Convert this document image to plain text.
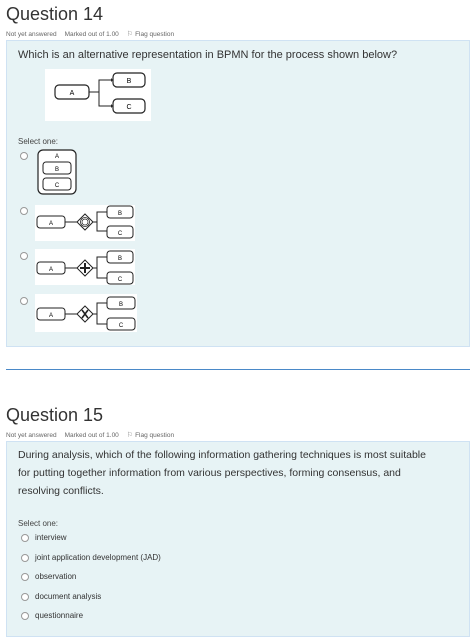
Question 14
Not yet answered Marked out of 1.00 ⚐ Flag question
Which is an alternative representation in BPMN for the process shown below?
A
B
C
Select one:
A
B
C
A
B
C
A
B
C
A
B
C
Question 15
Not yet answered Marked out of 1.00 ⚐ Flag question
During analysis, which of the following information gathering techniques is most suitable
for putting together information from various perspectives, forming consensus, and
resolving conflicts.
Select one:
interview
joint application development (JAD)
observation
document analysis
questionnaire
